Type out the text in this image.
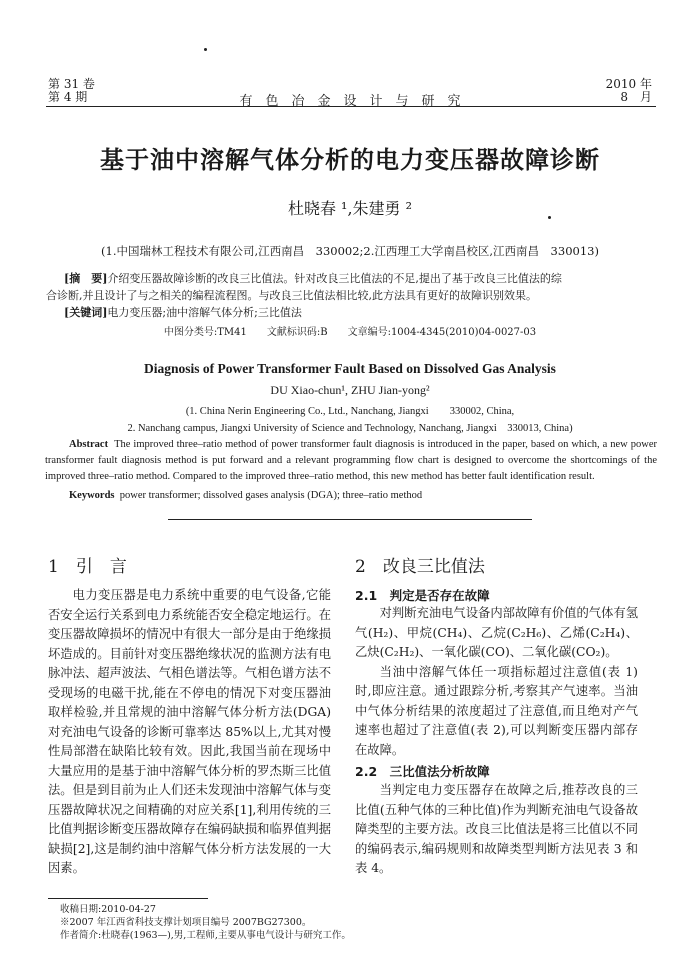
第 31 卷
第 4 期	有　色　冶　金　设　计　与　研　究
2010 年
8　月
基于油中溶解气体分析的电力变压器故障诊断
杜晓春 ¹,朱建勇 ²
(1.中国瑞林工程技术有限公司,江西南昌　330002;2.江西理工大学南昌校区,江西南昌　330013)
[摘　要]介绍变压器故障诊断的改良三比值法。针对改良三比值法的不足,提出了基于改良三比值法的综
合诊断,并且设计了与之相关的编程流程图。与改良三比值法相比较,此方法具有更好的故障识别效果。
[关键词]电力变压器;油中溶解气体分析;三比值法
中图分类号:TM41　　文献标识码:B　　文章编号:1004-4345(2010)04-0027-03
Diagnosis of Power Transformer Fault Based on Dissolved Gas Analysis
DU Xiao-chun¹, ZHU Jian-yong²
(1. China Nerin Engineering Co., Ltd., Nanchang, Jiangxi　　330002, China,
2. Nanchang campus, Jiangxi University of Science and Technology, Nanchang, Jiangxi　330013, China)
Abstract The improved three–ratio method of power transformer fault diagnosis is introduced in the paper, based on which, a new power transformer fault diagnosis method is put forward and a relevant programming flow chart is designed to overcome the shortcomings of the improved three–ratio method. Compared to the improved three–ratio method, this new method has better fault identification result.
Keywords power transformer; dissolved gases analysis (DGA); three–ratio method
1　引　言

电力变压器是电力系统中重要的电气设备,它能否安全运行关系到电力系统能否安全稳定地运行。在变压器故障损坏的情况中有很大一部分是由于绝缘损坏造成的。目前针对变压器绝缘状况的监测方法有电脉冲法、超声波法、气相色谱法等。气相色谱方法不受现场的电磁干扰,能在不停电的情况下对变压器油取样检验,并且常规的油中溶解气体分析方法(DGA)对充油电气设备的诊断可靠率达 85%以上,尤其对慢性局部潜在缺陷比较有效。因此,我国当前在现场中大量应用的是基于油中溶解气体分析的罗杰斯三比值法。但是到目前为止人们还未发现油中溶解气体与变压器故障状况之间精确的对应关系[1],利用传统的三比值判据诊断变压器故障存在编码缺损和临界值判据缺损[2],这是制约油中溶解气体分析方法发展的一大因素。

2　改良三比值法
2.1　判定是否存在故障

对判断充油电气设备内部故障有价值的气体有氢气(H₂)、甲烷(CH₄)、乙烷(C₂H₆)、乙烯(C₂H₄)、乙炔(C₂H₂)、一氧化碳(CO)、二氧化碳(CO₂)。

当油中溶解气体任一项指标超过注意值(表 1)时,即应注意。通过跟踪分析,考察其产气速率。当油中气体分析结果的浓度超过了注意值,而且绝对产气速率也超过了注意值(表 2),可以判断变压器内部存在故障。

2.2　三比值法分析故障

当判定电力变压器存在故障之后,推荐改良的三比值(五种气体的三种比值)作为判断充油电气设备故障类型的主要方法。改良三比值法是将三比值以不同的编码表示,编码规则和故障类型判断方法见表 3 和表 4。

收稿日期:2010-04-27
※2007 年江西省科技支撑计划项目编号 2007BG27300。
作者简介:杜晓春(1963—),男,工程师,主要从事电气设计与研究工作。
